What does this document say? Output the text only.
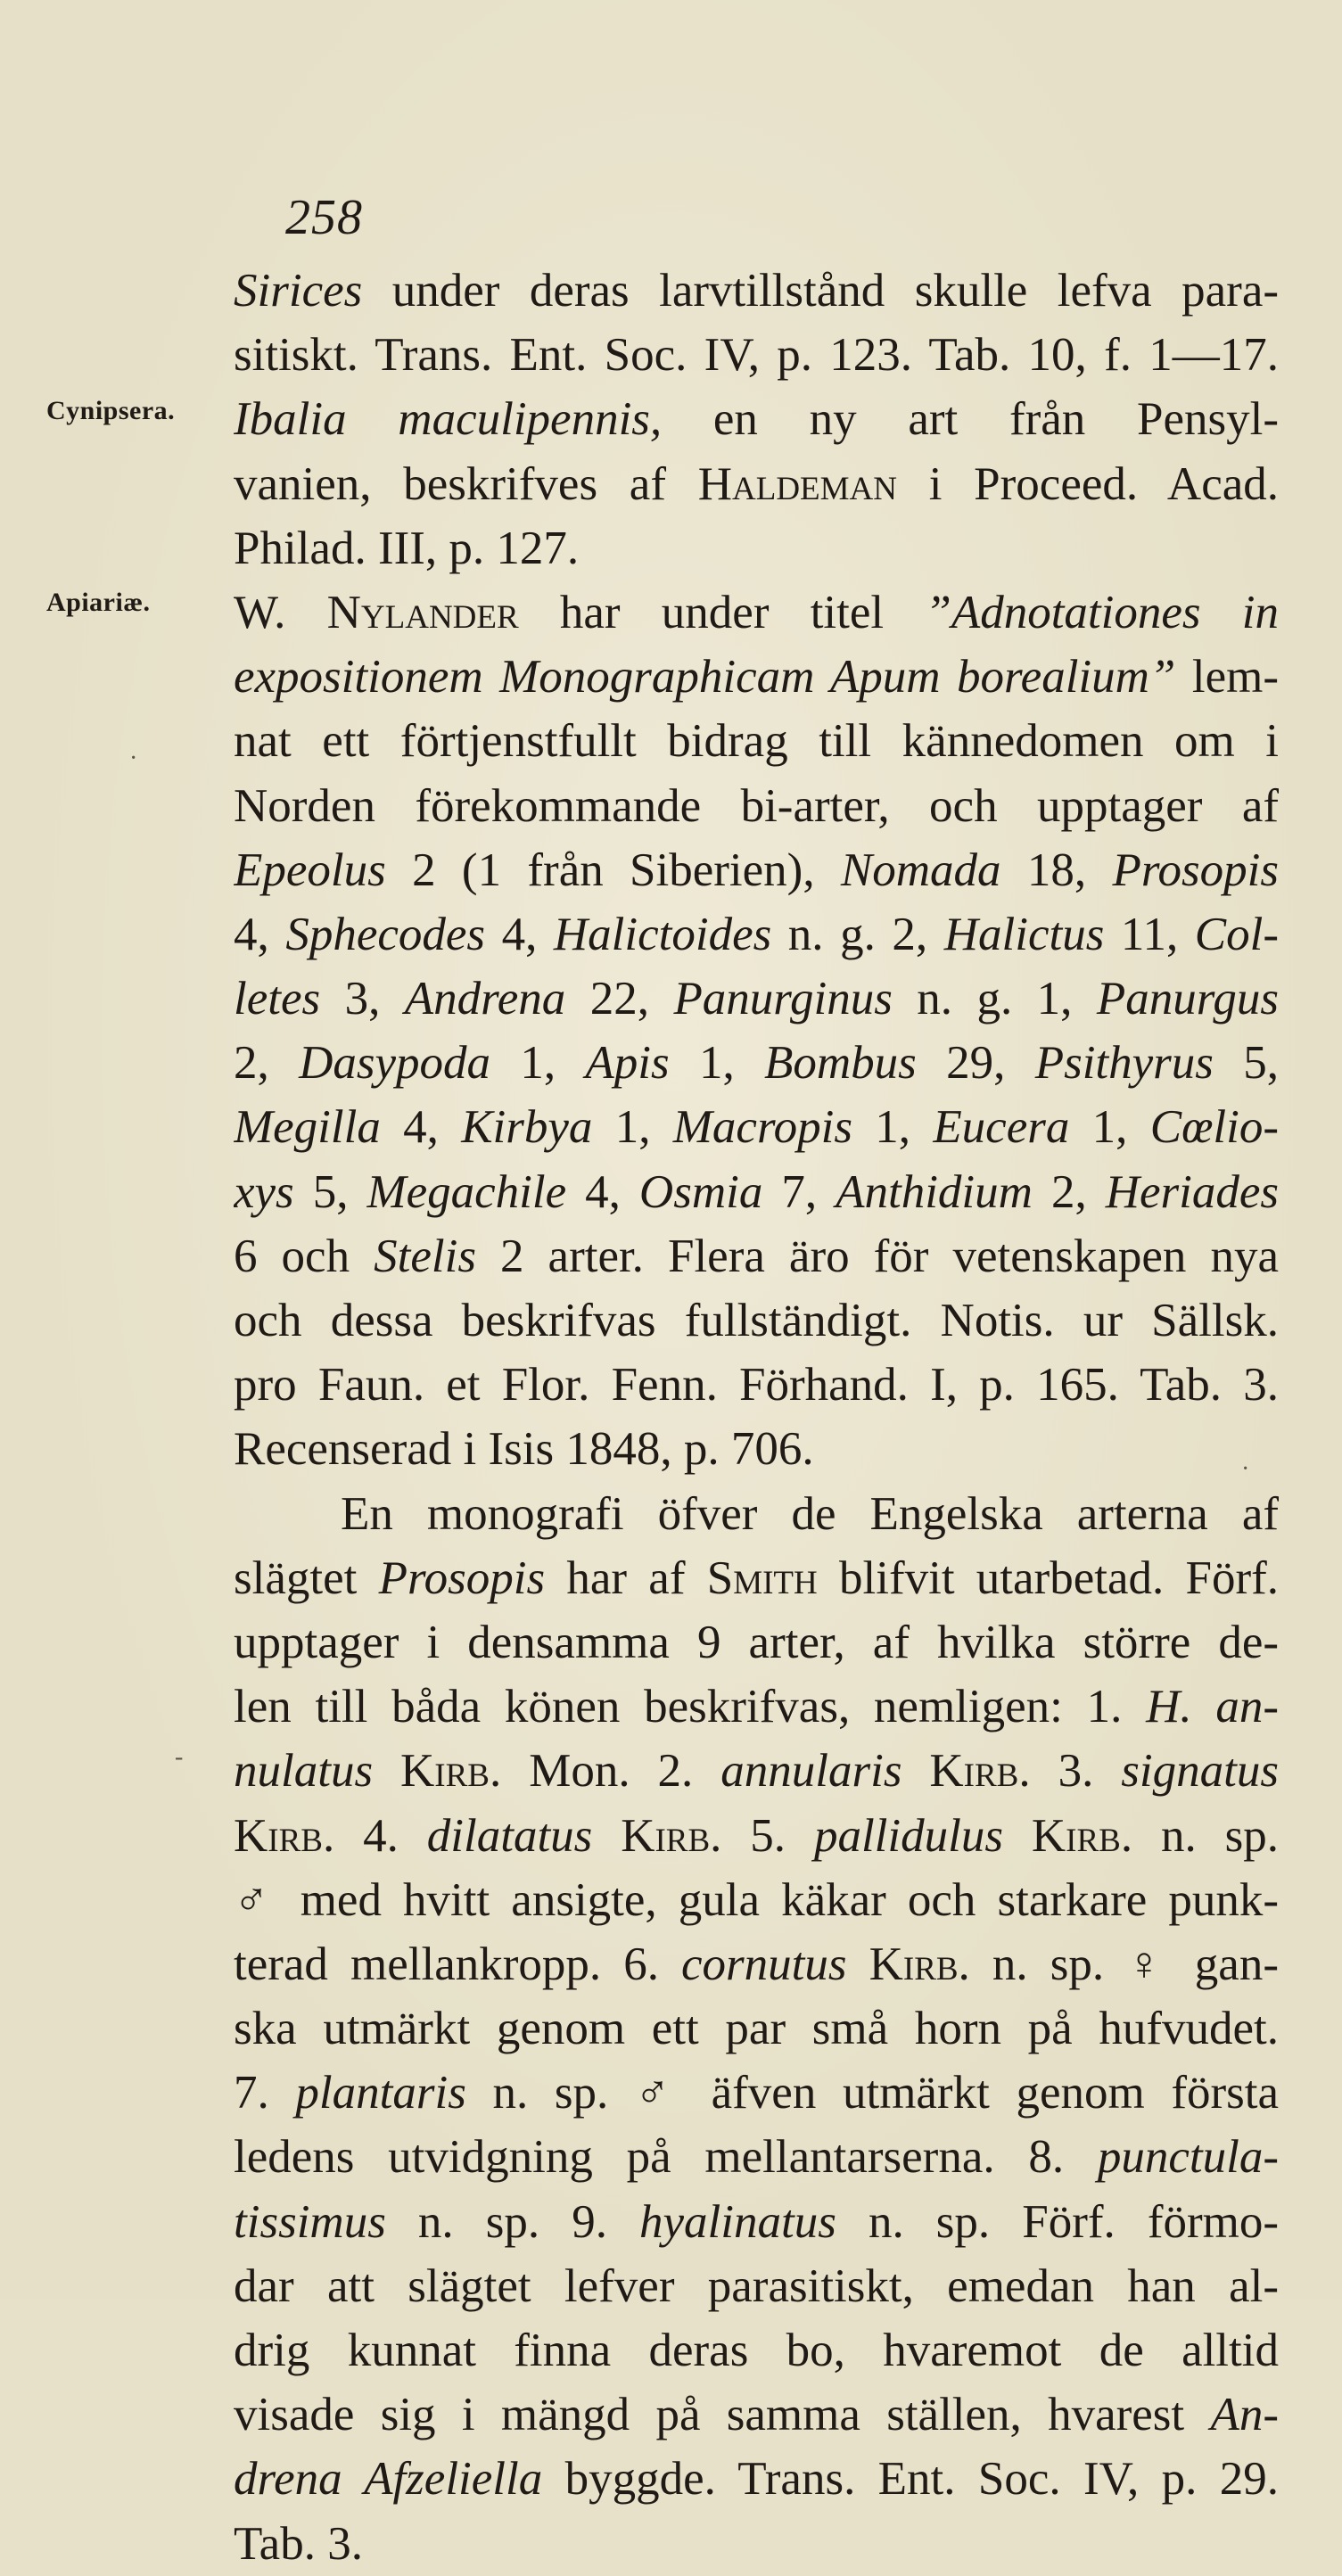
258
Cynipsera.
Apiariæ.
Sirices under deras larvtillstånd skulle lefva para-
sitiskt. Trans. Ent. Soc. IV, p. 123. Tab. 10, f. 1—17.
Ibalia maculipennis, en ny art från Pensyl-
vanien, beskrifves af Haldeman i Proceed. Acad.
Philad. III, p. 127.
W. Nylander har under titel ”Adnotationes in
expositionem Monographicam Apum borealium” lem-
nat ett förtjenstfullt bidrag till kännedomen om i
Norden förekommande bi-arter, och upptager af
Epeolus 2 (1 från Siberien), Nomada 18, Prosopis
4, Sphecodes 4, Halictoides n. g. 2, Halictus 11, Col-
letes 3, Andrena 22, Panurginus n. g. 1, Panurgus
2, Dasypoda 1, Apis 1, Bombus 29, Psithyrus 5,
Megilla 4, Kirbya 1, Macropis 1, Eucera 1, Cœlio-
xys 5, Megachile 4, Osmia 7, Anthidium 2, Heriades
6 och Stelis 2 arter. Flera äro för vetenskapen nya
och dessa beskrifvas fullständigt. Notis. ur Sällsk.
pro Faun. et Flor. Fenn. Förhand. I, p. 165. Tab. 3.
Recenserad i Isis 1848, p. 706.
En monografi öfver de Engelska arterna af
slägtet Prosopis har af Smith blifvit utarbetad. Förf.
upptager i densamma 9 arter, af hvilka större de-
len till båda könen beskrifvas, nemligen: 1. H. an-
nulatus Kirb. Mon. 2. annularis Kirb. 3. signatus
Kirb. 4. dilatatus Kirb. 5. pallidulus Kirb. n. sp.
♂ med hvitt ansigte, gula käkar och starkare punk-
terad mellankropp. 6. cornutus Kirb. n. sp. ♀ gan-
ska utmärkt genom ett par små horn på hufvudet.
7. plantaris n. sp. ♂ äfven utmärkt genom första
ledens utvidgning på mellantarserna. 8. punctula-
tissimus n. sp. 9. hyalinatus n. sp. Förf. förmo-
dar att slägtet lefver parasitiskt, emedan han al-
drig kunnat finna deras bo, hvaremot de alltid
visade sig i mängd på samma ställen, hvarest An-
drena Afzeliella byggde. Trans. Ent. Soc. IV, p. 29.
Tab. 3.
·
·
-
